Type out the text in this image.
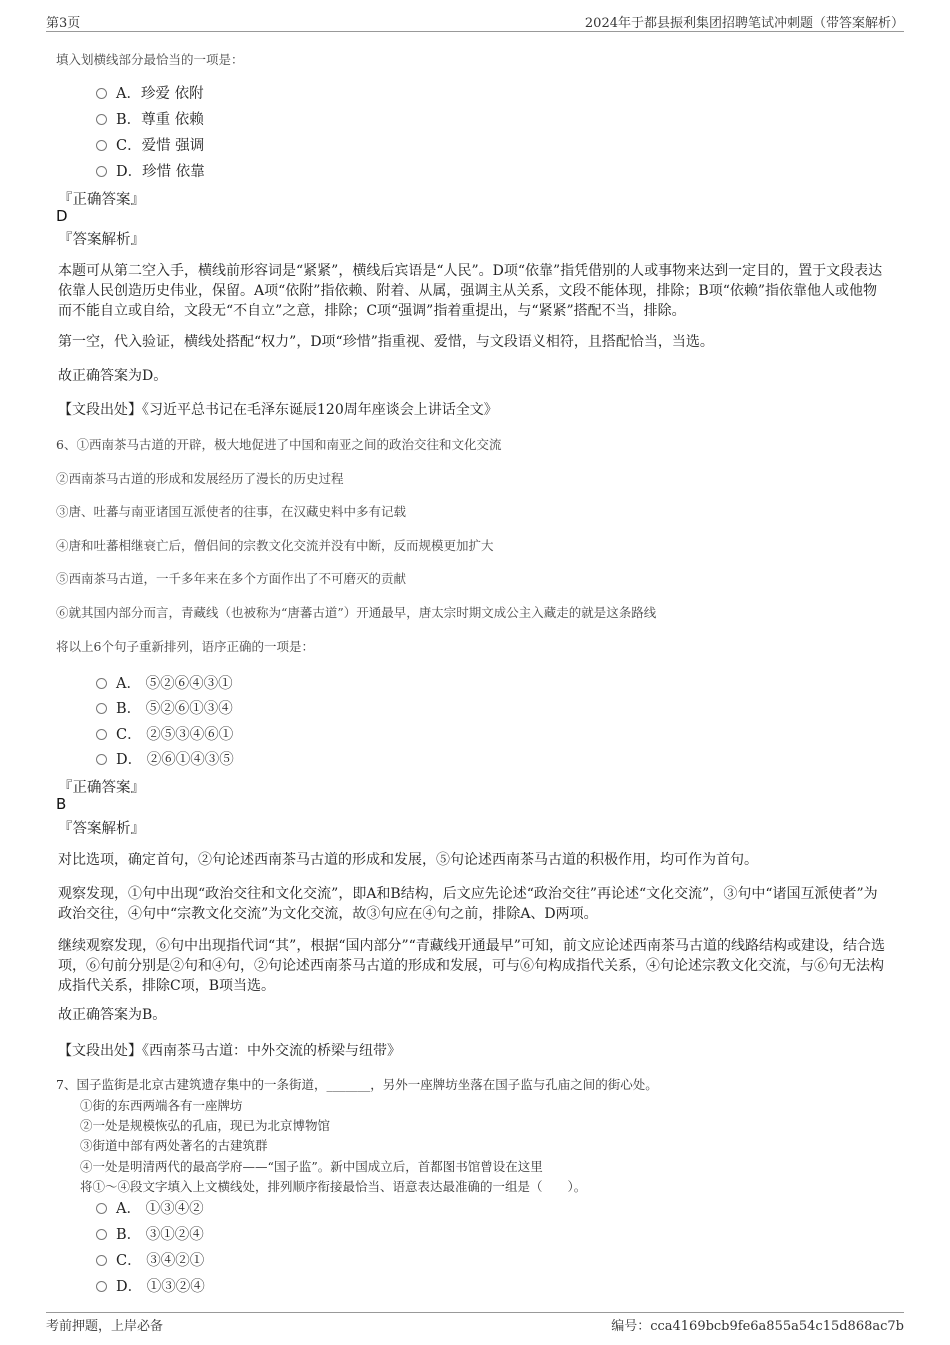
第3页	2024年于都县振利集团招聘笔试冲刺题（带答案解析）
填入划横线部分最恰当的一项是：
A．珍爱 依附
B．尊重 依赖
C．爱惜 强调
D．珍惜 依靠
『正确答案』
D
『答案解析』
本题可从第二空入手，横线前形容词是“紧紧”，横线后宾语是“人民”。D项“依靠”指凭借别的人或事物来达到一定目的，置于文段表达依靠人民创造历史伟业，保留。A项“依附”指依赖、附着、从属，强调主从关系，文段不能体现，排除；B项“依赖”指依靠他人或他物而不能自立或自给，文段无“不自立”之意，排除；C项“强调”指着重提出，与“紧紧”搭配不当，排除。
第一空，代入验证，横线处搭配“权力”，D项“珍惜”指重视、爱惜，与文段语义相符，且搭配恰当，当选。
故正确答案为D。
【文段出处】《习近平总书记在毛泽东诞辰120周年座谈会上讲话全文》
6、①西南茶马古道的开辟，极大地促进了中国和南亚之间的政治交往和文化交流
②西南茶马古道的形成和发展经历了漫长的历史过程
③唐、吐蕃与南亚诸国互派使者的往事，在汉藏史料中多有记载
④唐和吐蕃相继衰亡后，僧侣间的宗教文化交流并没有中断，反而规模更加扩大
⑤西南茶马古道，一千多年来在多个方面作出了不可磨灭的贡献
⑥就其国内部分而言，青藏线（也被称为“唐蕃古道”）开通最早，唐太宗时期文成公主入藏走的就是这条路线
将以上6个句子重新排列，语序正确的一项是：
A． ⑤②⑥④③①
B． ⑤②⑥①③④
C． ②⑤③④⑥①
D． ②⑥①④③⑤
『正确答案』
B
『答案解析』
对比选项，确定首句，②句论述西南茶马古道的形成和发展，⑤句论述西南茶马古道的积极作用，均可作为首句。
观察发现，①句中出现“政治交往和文化交流”，即A和B结构，后文应先论述“政治交往”再论述“文化交流”，③句中“诸国互派使者”为政治交往，④句中“宗教文化交流”为文化交流，故③句应在④句之前，排除A、D两项。
继续观察发现，⑥句中出现指代词“其”，根据“国内部分”“青藏线开通最早”可知，前文应论述西南茶马古道的线路结构或建设，结合选项，⑥句前分别是②句和④句，②句论述西南茶马古道的形成和发展，可与⑥句构成指代关系，④句论述宗教文化交流，与⑥句无法构成指代关系，排除C项，B项当选。
故正确答案为B。
【文段出处】《西南茶马古道：中外交流的桥梁与纽带》
7、国子监街是北京古建筑遗存集中的一条街道，_______，另外一座牌坊坐落在国子监与孔庙之间的街心处。
①街的东西两端各有一座牌坊
②一处是规模恢弘的孔庙，现已为北京博物馆
③街道中部有两处著名的古建筑群
④一处是明清两代的最高学府——“国子监”。新中国成立后，首都图书馆曾设在这里
将①～④段文字填入上文横线处，排列顺序衔接最恰当、语意表达最准确的一组是（　　）。
A． ①③④②
B． ③①②④
C． ③④②①
D． ①③②④
考前押题，上岸必备	编号：cca4169bcb9fe6a855a54c15d868ac7b
